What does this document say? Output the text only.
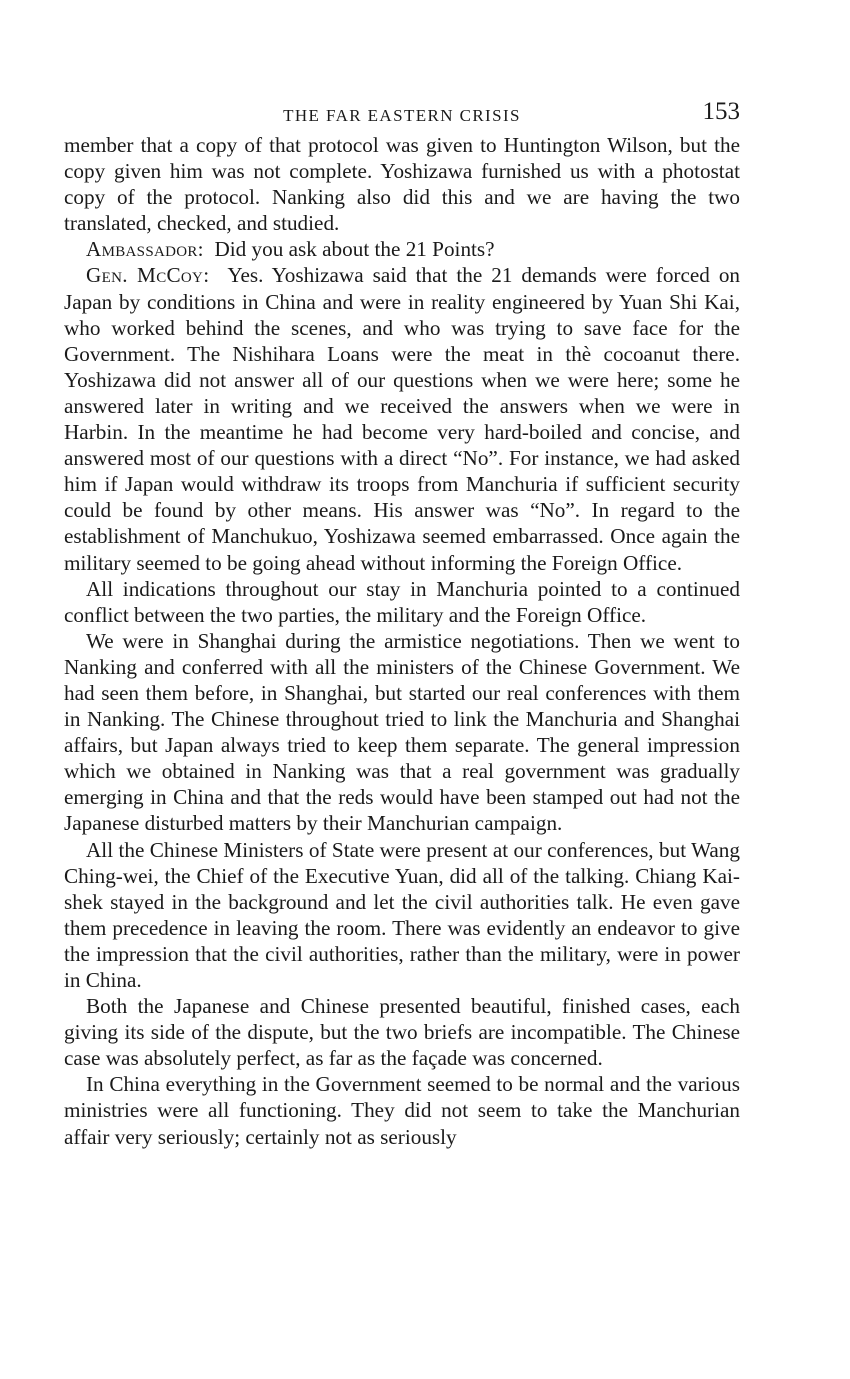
THE FAR EASTERN CRISIS	153

member that a copy of that protocol was given to Huntington Wilson, but the copy given him was not complete. Yoshizawa furnished us with a photostat copy of the protocol. Nanking also did this and we are having the two translated, checked, and studied.

Ambassador: Did you ask about the 21 Points?

Gen. McCoy: Yes. Yoshizawa said that the 21 demands were forced on Japan by conditions in China and were in reality engineered by Yuan Shi Kai, who worked behind the scenes, and who was trying to save face for the Government. The Nishihara Loans were the meat in thè cocoanut there. Yoshizawa did not answer all of our questions when we were here; some he answered later in writing and we received the answers when we were in Harbin. In the meantime he had become very hard-boiled and concise, and answered most of our questions with a direct “No”. For instance, we had asked him if Japan would withdraw its troops from Manchuria if sufficient security could be found by other means. His answer was “No”. In regard to the establishment of Manchukuo, Yoshizawa seemed embarrassed. Once again the military seemed to be going ahead without informing the Foreign Office.

All indications throughout our stay in Manchuria pointed to a continued conflict between the two parties, the military and the Foreign Office.

We were in Shanghai during the armistice negotiations. Then we went to Nanking and conferred with all the ministers of the Chinese Government. We had seen them before, in Shanghai, but started our real conferences with them in Nanking. The Chinese throughout tried to link the Manchuria and Shanghai affairs, but Japan always tried to keep them separate. The general impression which we obtained in Nanking was that a real government was gradually emerging in China and that the reds would have been stamped out had not the Japanese disturbed matters by their Manchurian campaign.

All the Chinese Ministers of State were present at our conferences, but Wang Ching-wei, the Chief of the Executive Yuan, did all of the talking. Chiang Kai-shek stayed in the background and let the civil authorities talk. He even gave them precedence in leaving the room. There was evidently an endeavor to give the impression that the civil authorities, rather than the military, were in power in China.

Both the Japanese and Chinese presented beautiful, finished cases, each giving its side of the dispute, but the two briefs are incompatible. The Chinese case was absolutely perfect, as far as the façade was concerned.

In China everything in the Government seemed to be normal and the various ministries were all functioning. They did not seem to take the Manchurian affair very seriously; certainly not as seriously
